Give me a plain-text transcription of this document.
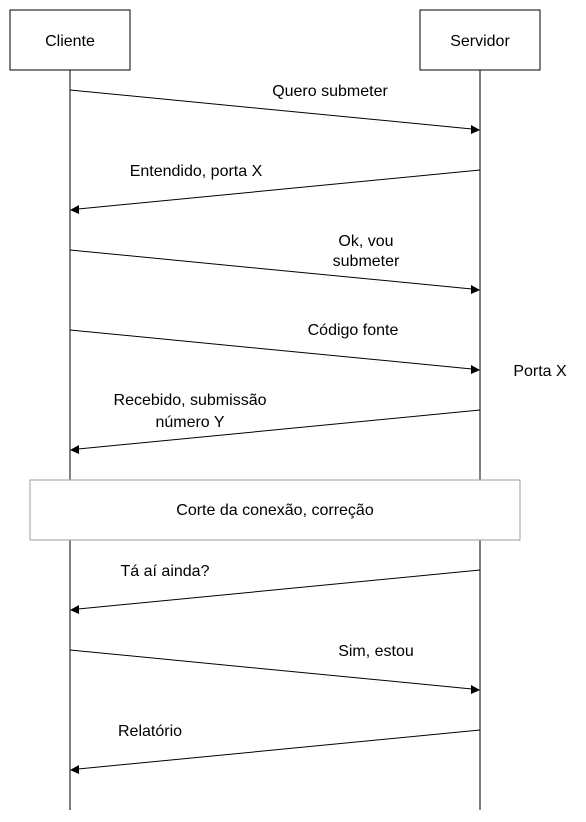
Cliente	Servidor
Quero submeter
Entendido, porta X
Ok, vou
submeter
Código fonte
Porta X
Recebido, submissão
número Y
Corte da conexão, correção
Tá aí ainda?
Sim, estou
Relatório
